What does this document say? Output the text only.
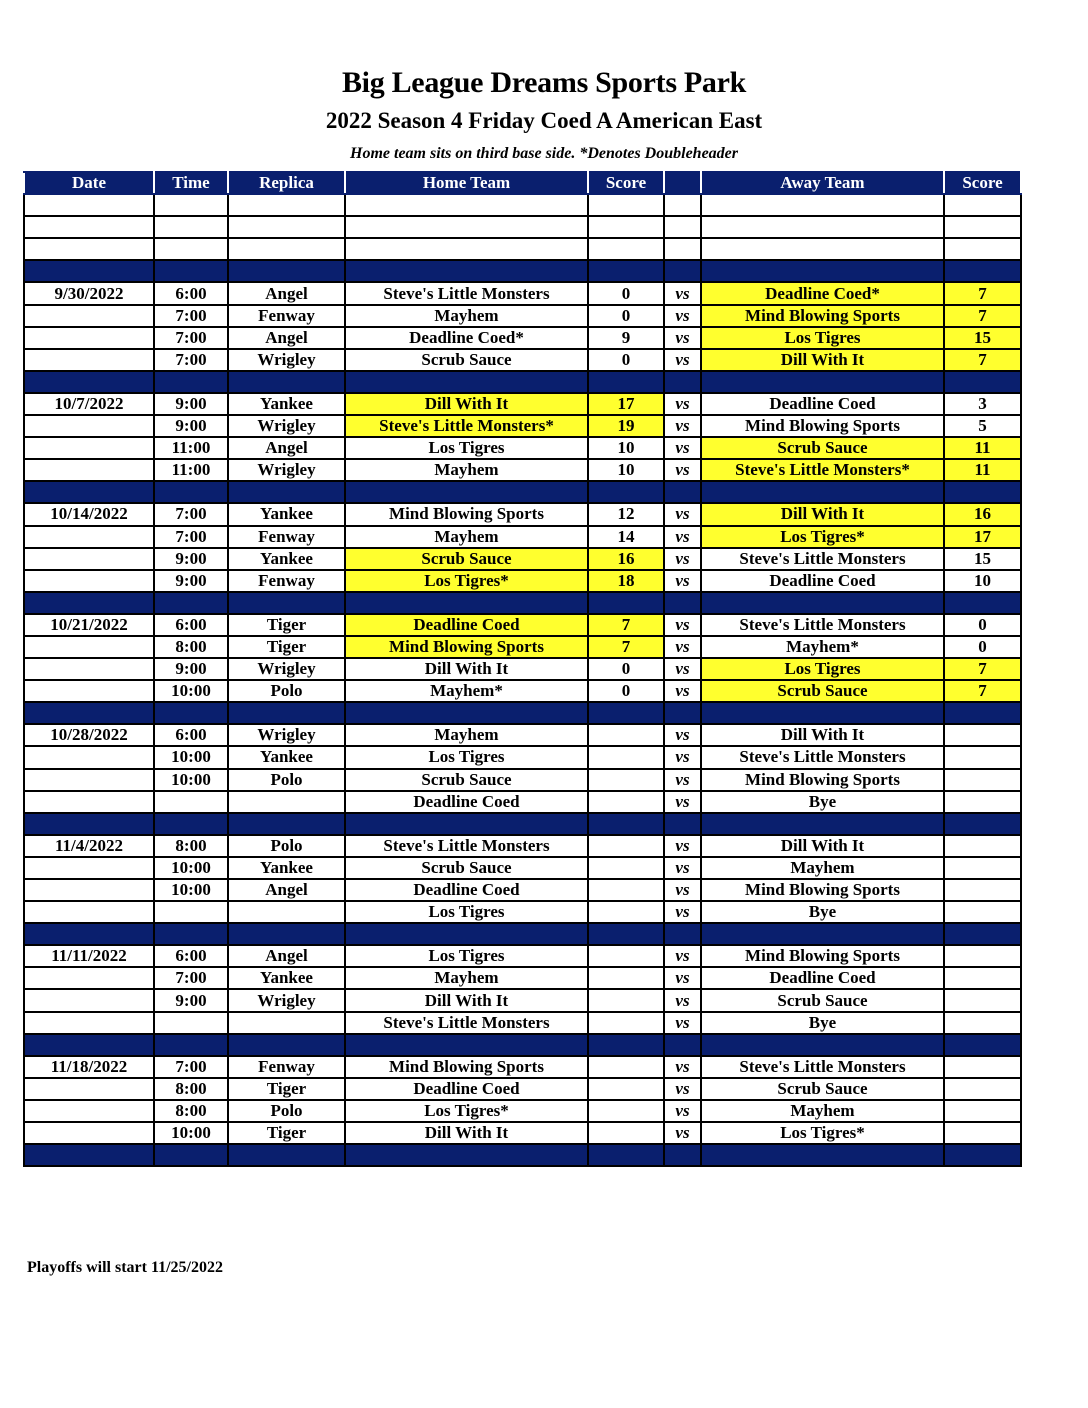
Big League Dreams Sports Park
2022 Season 4 Friday Coed A American East
Home team sits on third base side. *Denotes Doubleheader
Date	Time	Replica	Home Team	Score		Away Team	Score

9/30/2022	6:00	Angel	Steve's Little Monsters	0	vs	Deadline Coed*	7
	7:00	Fenway	Mayhem	0	vs	Mind Blowing Sports	7
	7:00	Angel	Deadline Coed*	9	vs	Los Tigres	15
	7:00	Wrigley	Scrub Sauce	0	vs	Dill With It	7

10/7/2022	9:00	Yankee	Dill With It	17	vs	Deadline Coed	3
	9:00	Wrigley	Steve's Little Monsters*	19	vs	Mind Blowing Sports	5
	11:00	Angel	Los Tigres	10	vs	Scrub Sauce	11
	11:00	Wrigley	Mayhem	10	vs	Steve's Little Monsters*	11

10/14/2022	7:00	Yankee	Mind Blowing Sports	12	vs	Dill With It	16
	7:00	Fenway	Mayhem	14	vs	Los Tigres*	17
	9:00	Yankee	Scrub Sauce	16	vs	Steve's Little Monsters	15
	9:00	Fenway	Los Tigres*	18	vs	Deadline Coed	10

10/21/2022	6:00	Tiger	Deadline Coed	7	vs	Steve's Little Monsters	0
	8:00	Tiger	Mind Blowing Sports	7	vs	Mayhem*	0
	9:00	Wrigley	Dill With It	0	vs	Los Tigres	7
	10:00	Polo	Mayhem*	0	vs	Scrub Sauce	7

10/28/2022	6:00	Wrigley	Mayhem		vs	Dill With It	
	10:00	Yankee	Los Tigres		vs	Steve's Little Monsters	
	10:00	Polo	Scrub Sauce		vs	Mind Blowing Sports	
			Deadline Coed		vs	Bye	

11/4/2022	8:00	Polo	Steve's Little Monsters		vs	Dill With It	
	10:00	Yankee	Scrub Sauce		vs	Mayhem	
	10:00	Angel	Deadline Coed		vs	Mind Blowing Sports	
			Los Tigres		vs	Bye	

11/11/2022	6:00	Angel	Los Tigres		vs	Mind Blowing Sports	
	7:00	Yankee	Mayhem		vs	Deadline Coed	
	9:00	Wrigley	Dill With It		vs	Scrub Sauce	
			Steve's Little Monsters		vs	Bye	

11/18/2022	7:00	Fenway	Mind Blowing Sports		vs	Steve's Little Monsters	
	8:00	Tiger	Deadline Coed		vs	Scrub Sauce	
	8:00	Polo	Los Tigres*		vs	Mayhem	
	10:00	Tiger	Dill With It		vs	Los Tigres*	

Playoffs will start 11/25/2022
